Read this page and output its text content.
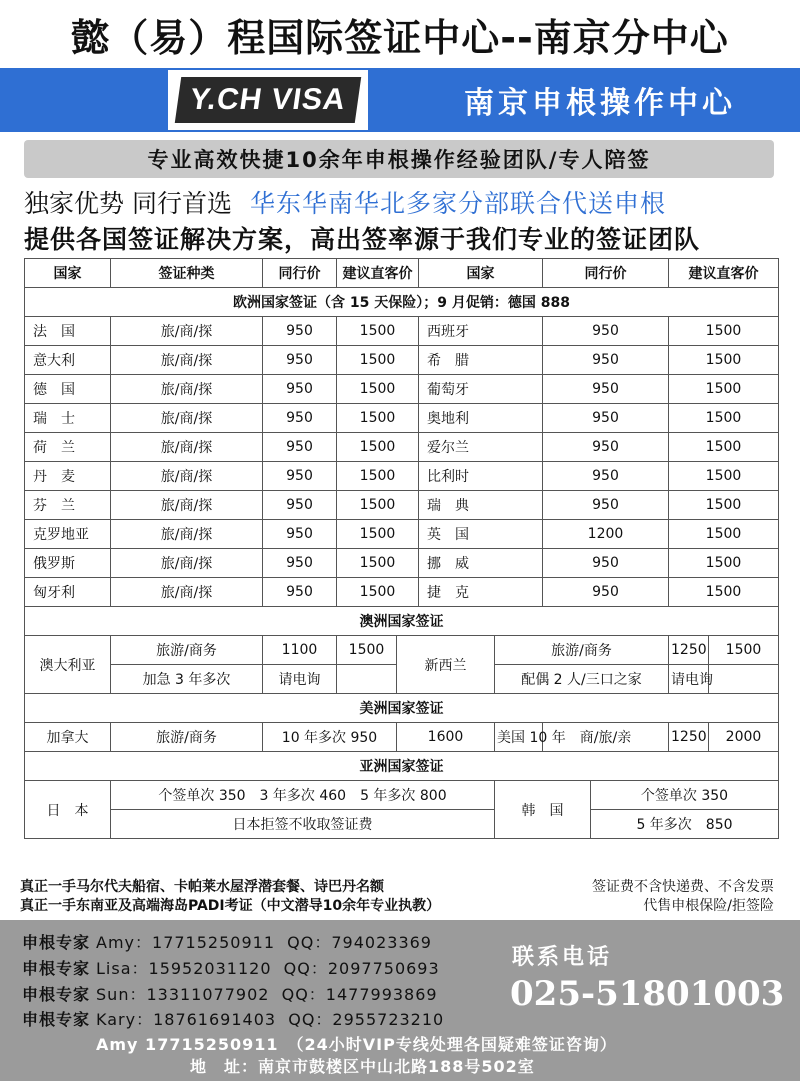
懿（易）程国际签证中心--南京分中心
Y.CH VISA	南京申根操作中心
专业高效快捷10余年申根操作经验团队/专人陪签
独家优势 同行首选 华东华南华北多家分部联合代送申根
提供各国签证解决方案，高出签率源于我们专业的签证团队
国家	签证种类	同行价	建议直客价		国家		同行价		建议直客价	
欧洲国家签证（含 15 天保险）；9 月促销：德国 888										
法　国	旅/商/探	950	1500		西班牙		950		1500	
意大利	旅/商/探	950	1500		希　腊		950		1500	
德　国	旅/商/探	950	1500		葡萄牙		950		1500	
瑞　士	旅/商/探	950	1500		奥地利		950		1500	
荷　兰	旅/商/探	950	1500		爱尔兰		950		1500	
丹　麦	旅/商/探	950	1500		比利时		950		1500	
芬　兰	旅/商/探	950	1500		瑞　典		950		1500	
克罗地亚	旅/商/探	950	1500		英　国		1200		1500	
俄罗斯	旅/商/探	950	1500		挪　威		950		1500	
匈牙利	旅/商/探	950	1500		捷　克		950		1500	
澳洲国家签证										
澳大利亚	旅游/商务	1100	1500	新西兰		旅游/商务			1250	1500
	加急 3 年多次	请电询				配偶 2 人/三口之家			请电询	
美洲国家签证										
加拿大	旅游/商务	10 年多次 950		1600		美国 10 年	商/旅/亲		1250	2000
亚洲国家签证										
日　本	个签单次 350　3 年多次 460　5 年多次 800					韩　国		个签单次 350		
	日本拒签不收取签证费							5 年多次　850		
真正一手马尔代夫船宿、卡帕莱水屋浮潜套餐、诗巴丹名额
真正一手东南亚及高端海岛PADI考证（中文潜导10余年专业执教）
签证费不含快递费、不含发票
代售申根保险/拒签险
申根专家 Amy：17715250911 QQ：794023369
申根专家 Lisa：15952031120 QQ：2097750693
申根专家 Sun：13311077902 QQ：1477993869
申根专家 Kary：18761691403 QQ：2955723210
联系电话
025-51801003
Amy 17715250911　（24小时VIP专线处理各国疑难签证咨询）
地　址：南京市鼓楼区中山北路188号502室
